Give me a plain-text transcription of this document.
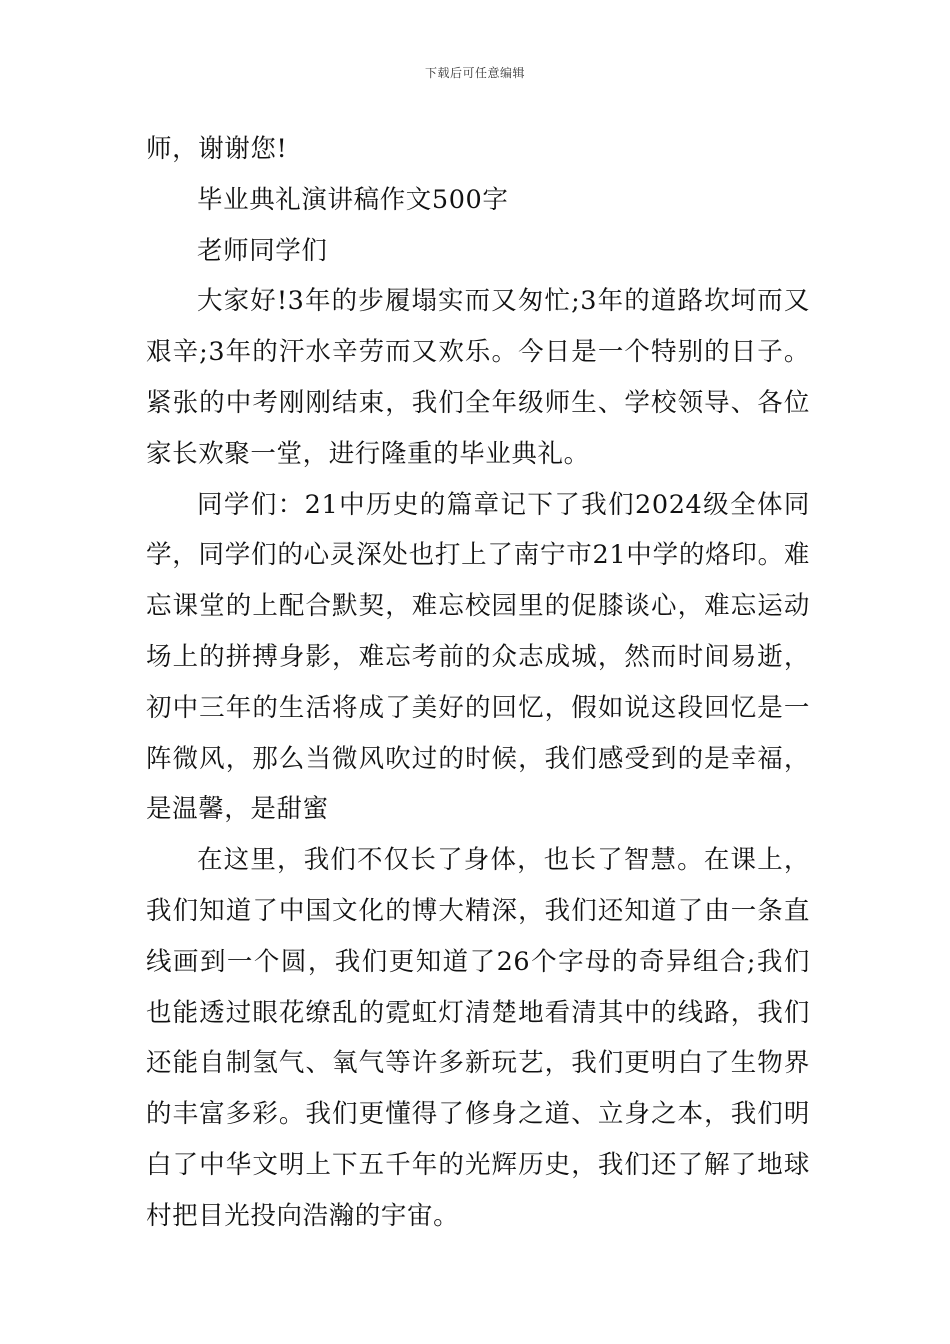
下载后可任意编辑

师，谢谢您!

毕业典礼演讲稿作文500字

老师同学们

大家好!3年的步履塌实而又匆忙;3年的道路坎坷而又艰辛;3年的汗水辛劳而又欢乐。今日是一个特别的日子。紧张的中考刚刚结束，我们全年级师生、学校领导、各位家长欢聚一堂，进行隆重的毕业典礼。

同学们：21中历史的篇章记下了我们2024级全体同学，同学们的心灵深处也打上了南宁市21中学的烙印。难忘课堂的上配合默契，难忘校园里的促膝谈心，难忘运动场上的拼搏身影，难忘考前的众志成城，然而时间易逝，初中三年的生活将成了美好的回忆，假如说这段回忆是一阵微风，那么当微风吹过的时候，我们感受到的是幸福，是温馨，是甜蜜

在这里，我们不仅长了身体，也长了智慧。在课上，我们知道了中国文化的博大精深，我们还知道了由一条直线画到一个圆，我们更知道了26个字母的奇异组合;我们也能透过眼花缭乱的霓虹灯清楚地看清其中的线路，我们还能自制氢气、氧气等许多新玩艺，我们更明白了生物界的丰富多彩。我们更懂得了修身之道、立身之本，我们明白了中华文明上下五千年的光辉历史，我们还了解了地球村把目光投向浩瀚的宇宙。
